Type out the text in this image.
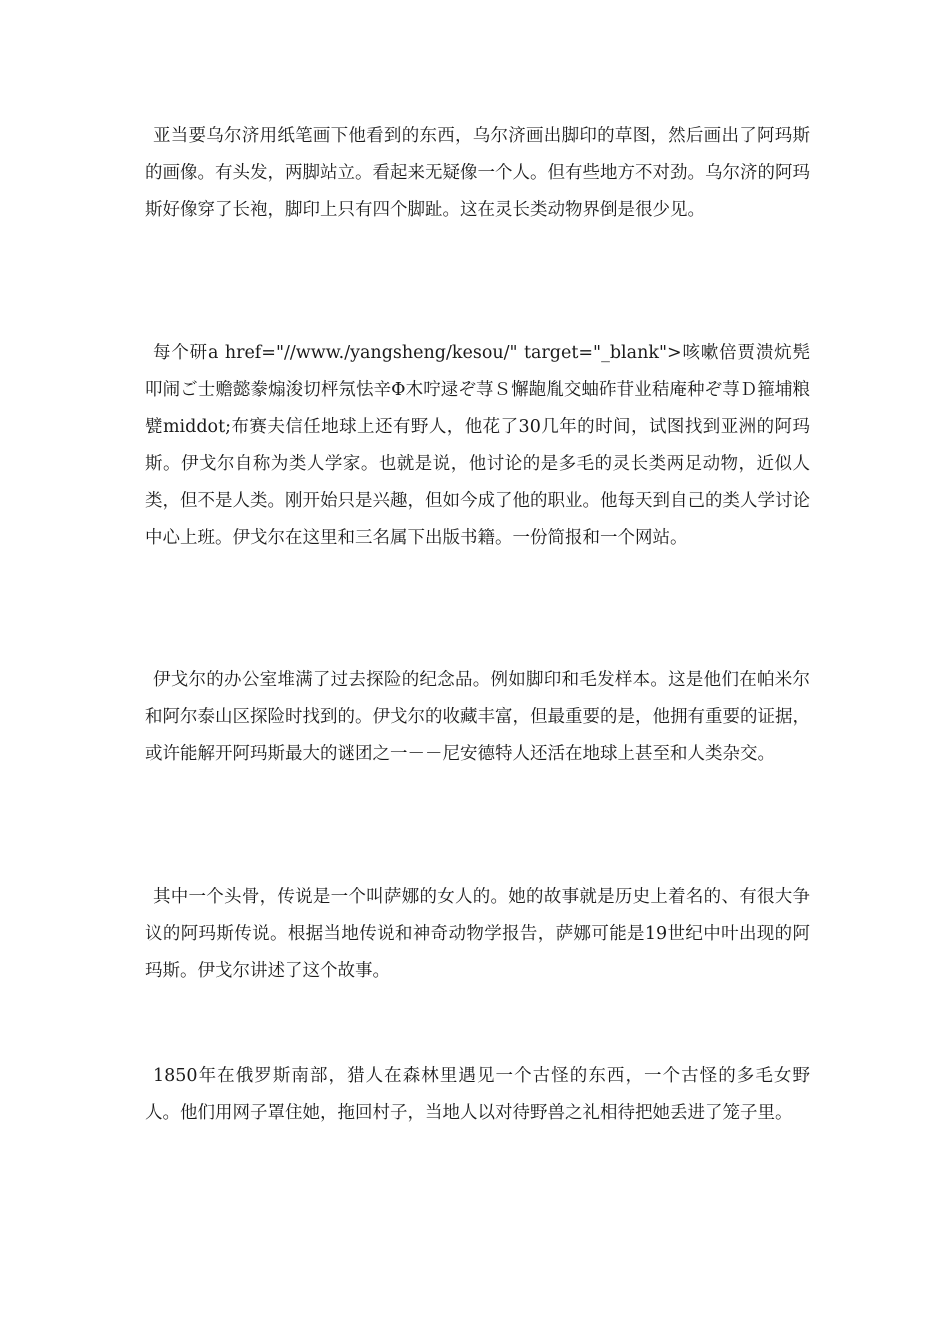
亚当要乌尔济用纸笔画下他看到的东西，乌尔济画出脚印的草图，然后画出了阿玛斯的画像。有头发，两脚站立。看起来无疑像一个人。但有些地方不对劲。乌尔济的阿玛斯好像穿了长袍，脚印上只有四个脚趾。这在灵长类动物界倒是很少见。

每个研a href="//www./yangsheng/kesou/" target="_blank">咳嗽倍贾溃炕髡叩闹ご士赡懿豢煽浚切枰氖怯辛Φ木咛逯ぞ荨Ｓ懈龅胤交蚰砟苷业秸庵种ぞ荨Ｄ箍埔粮甓middot;布赛夫信任地球上还有野人，他花了30几年的时间，试图找到亚洲的阿玛斯。伊戈尔自称为类人学家。也就是说，他讨论的是多毛的灵长类两足动物，近似人类，但不是人类。刚开始只是兴趣，但如今成了他的职业。他每天到自己的类人学讨论中心上班。伊戈尔在这里和三名属下出版书籍。一份简报和一个网站。

伊戈尔的办公室堆满了过去探险的纪念品。例如脚印和毛发样本。这是他们在帕米尔和阿尔泰山区探险时找到的。伊戈尔的收藏丰富，但最重要的是，他拥有重要的证据，或许能解开阿玛斯最大的谜团之一－－尼安德特人还活在地球上甚至和人类杂交。

其中一个头骨，传说是一个叫萨娜的女人的。她的故事就是历史上着名的、有很大争议的阿玛斯传说。根据当地传说和神奇动物学报告，萨娜可能是19世纪中叶出现的阿玛斯。伊戈尔讲述了这个故事。

1850年在俄罗斯南部，猎人在森林里遇见一个古怪的东西，一个古怪的多毛女野人。他们用网子罩住她，拖回村子，当地人以对待野兽之礼相待把她丢进了笼子里。
